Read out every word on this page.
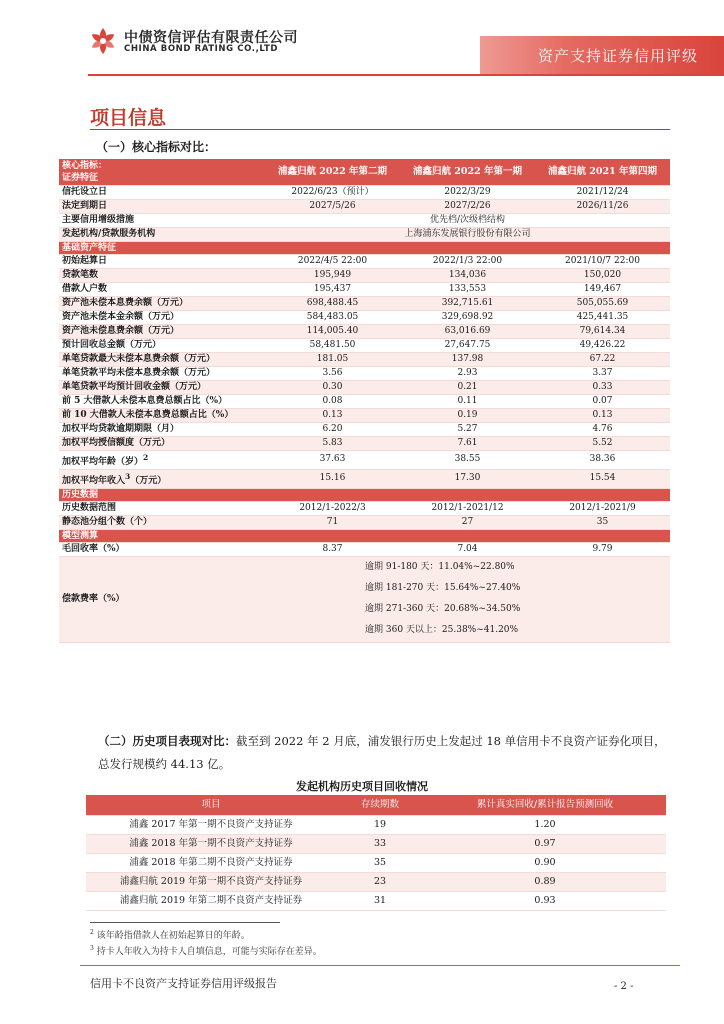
中债资信评估有限责任公司
CHINA BOND RATING CO.,LTD	资产支持证券信用评级
项目信息
（一）核心指标对比：
核心指标：
证券特征	浦鑫归航 2022 年第二期	浦鑫归航 2022 年第一期	浦鑫归航 2021 年第四期
信托设立日	2022/6/23（预计）	2022/3/29	2021/12/24
法定到期日	2027/5/26	2027/2/26	2026/11/26
主要信用增级措施	优先档/次级档结构		
发起机构/贷款服务机构	上海浦东发展银行股份有限公司		
基础资产特征			
初始起算日	2022/4/5 22:00	2022/1/3 22:00	2021/10/7 22:00
贷款笔数	195,949	134,036	150,020
借款人户数	195,437	133,553	149,467
资产池未偿本息费余额（万元）	698,488.45	392,715.61	505,055.69
资产池未偿本金余额（万元）	584,483.05	329,698.92	425,441.35
资产池未偿息费余额（万元）	114,005.40	63,016.69	79,614.34
预计回收总金额（万元）	58,481.50	27,647.75	49,426.22
单笔贷款最大未偿本息费余额（万元）	181.05	137.98	67.22
单笔贷款平均未偿本息费余额（万元）	3.56	2.93	3.37
单笔贷款平均预计回收金额（万元）	0.30	0.21	0.33
前 5 大借款人未偿本息费总额占比（%）	0.08	0.11	0.07
前 10 大借款人未偿本息费总额占比（%）	0.13	0.19	0.13
加权平均贷款逾期期限（月）	6.20	5.27	4.76
加权平均授信额度（万元）	5.83	7.61	5.52
加权平均年龄（岁）$^2$	37.63	38.55	38.36
加权平均年收入$^3$（万元）	15.16	17.30	15.54
历史数据			
历史数据范围	2012/1-2022/3	2012/1-2021/12	2012/1-2021/9
静态池分组个数（个）	71	27	35
模型测算			
毛回收率（%）	8.37	7.04	9.79
偿款费率（%）	逾期 91-180 天：11.04%~22.80%
逾期 181-270 天：15.64%~27.40%
逾期 271-360 天：20.68%~34.50%
逾期 360 天以上：25.38%~41.20%		
（二）历史项目表现对比：截至到 2022 年 2 月底，浦发银行历史上发起过 18 单信用卡不良资产证券化项目，总发行规模约 44.13 亿。
发起机构历史项目回收情况
项目	存续期数	累计真实回收/累计报告预测回收
浦鑫 2017 年第一期不良资产支持证券	19	1.20
浦鑫 2018 年第一期不良资产支持证券	33	0.97
浦鑫 2018 年第二期不良资产支持证券	35	0.90
浦鑫归航 2019 年第一期不良资产支持证券	23	0.89
浦鑫归航 2019 年第二期不良资产支持证券	31	0.93
$^2$ 该年龄指借款人在初始起算日的年龄。
$^3$ 持卡人年收入为持卡人自填信息，可能与实际存在差异。
信用卡不良资产支持证券信用评级报告	- 2 -
